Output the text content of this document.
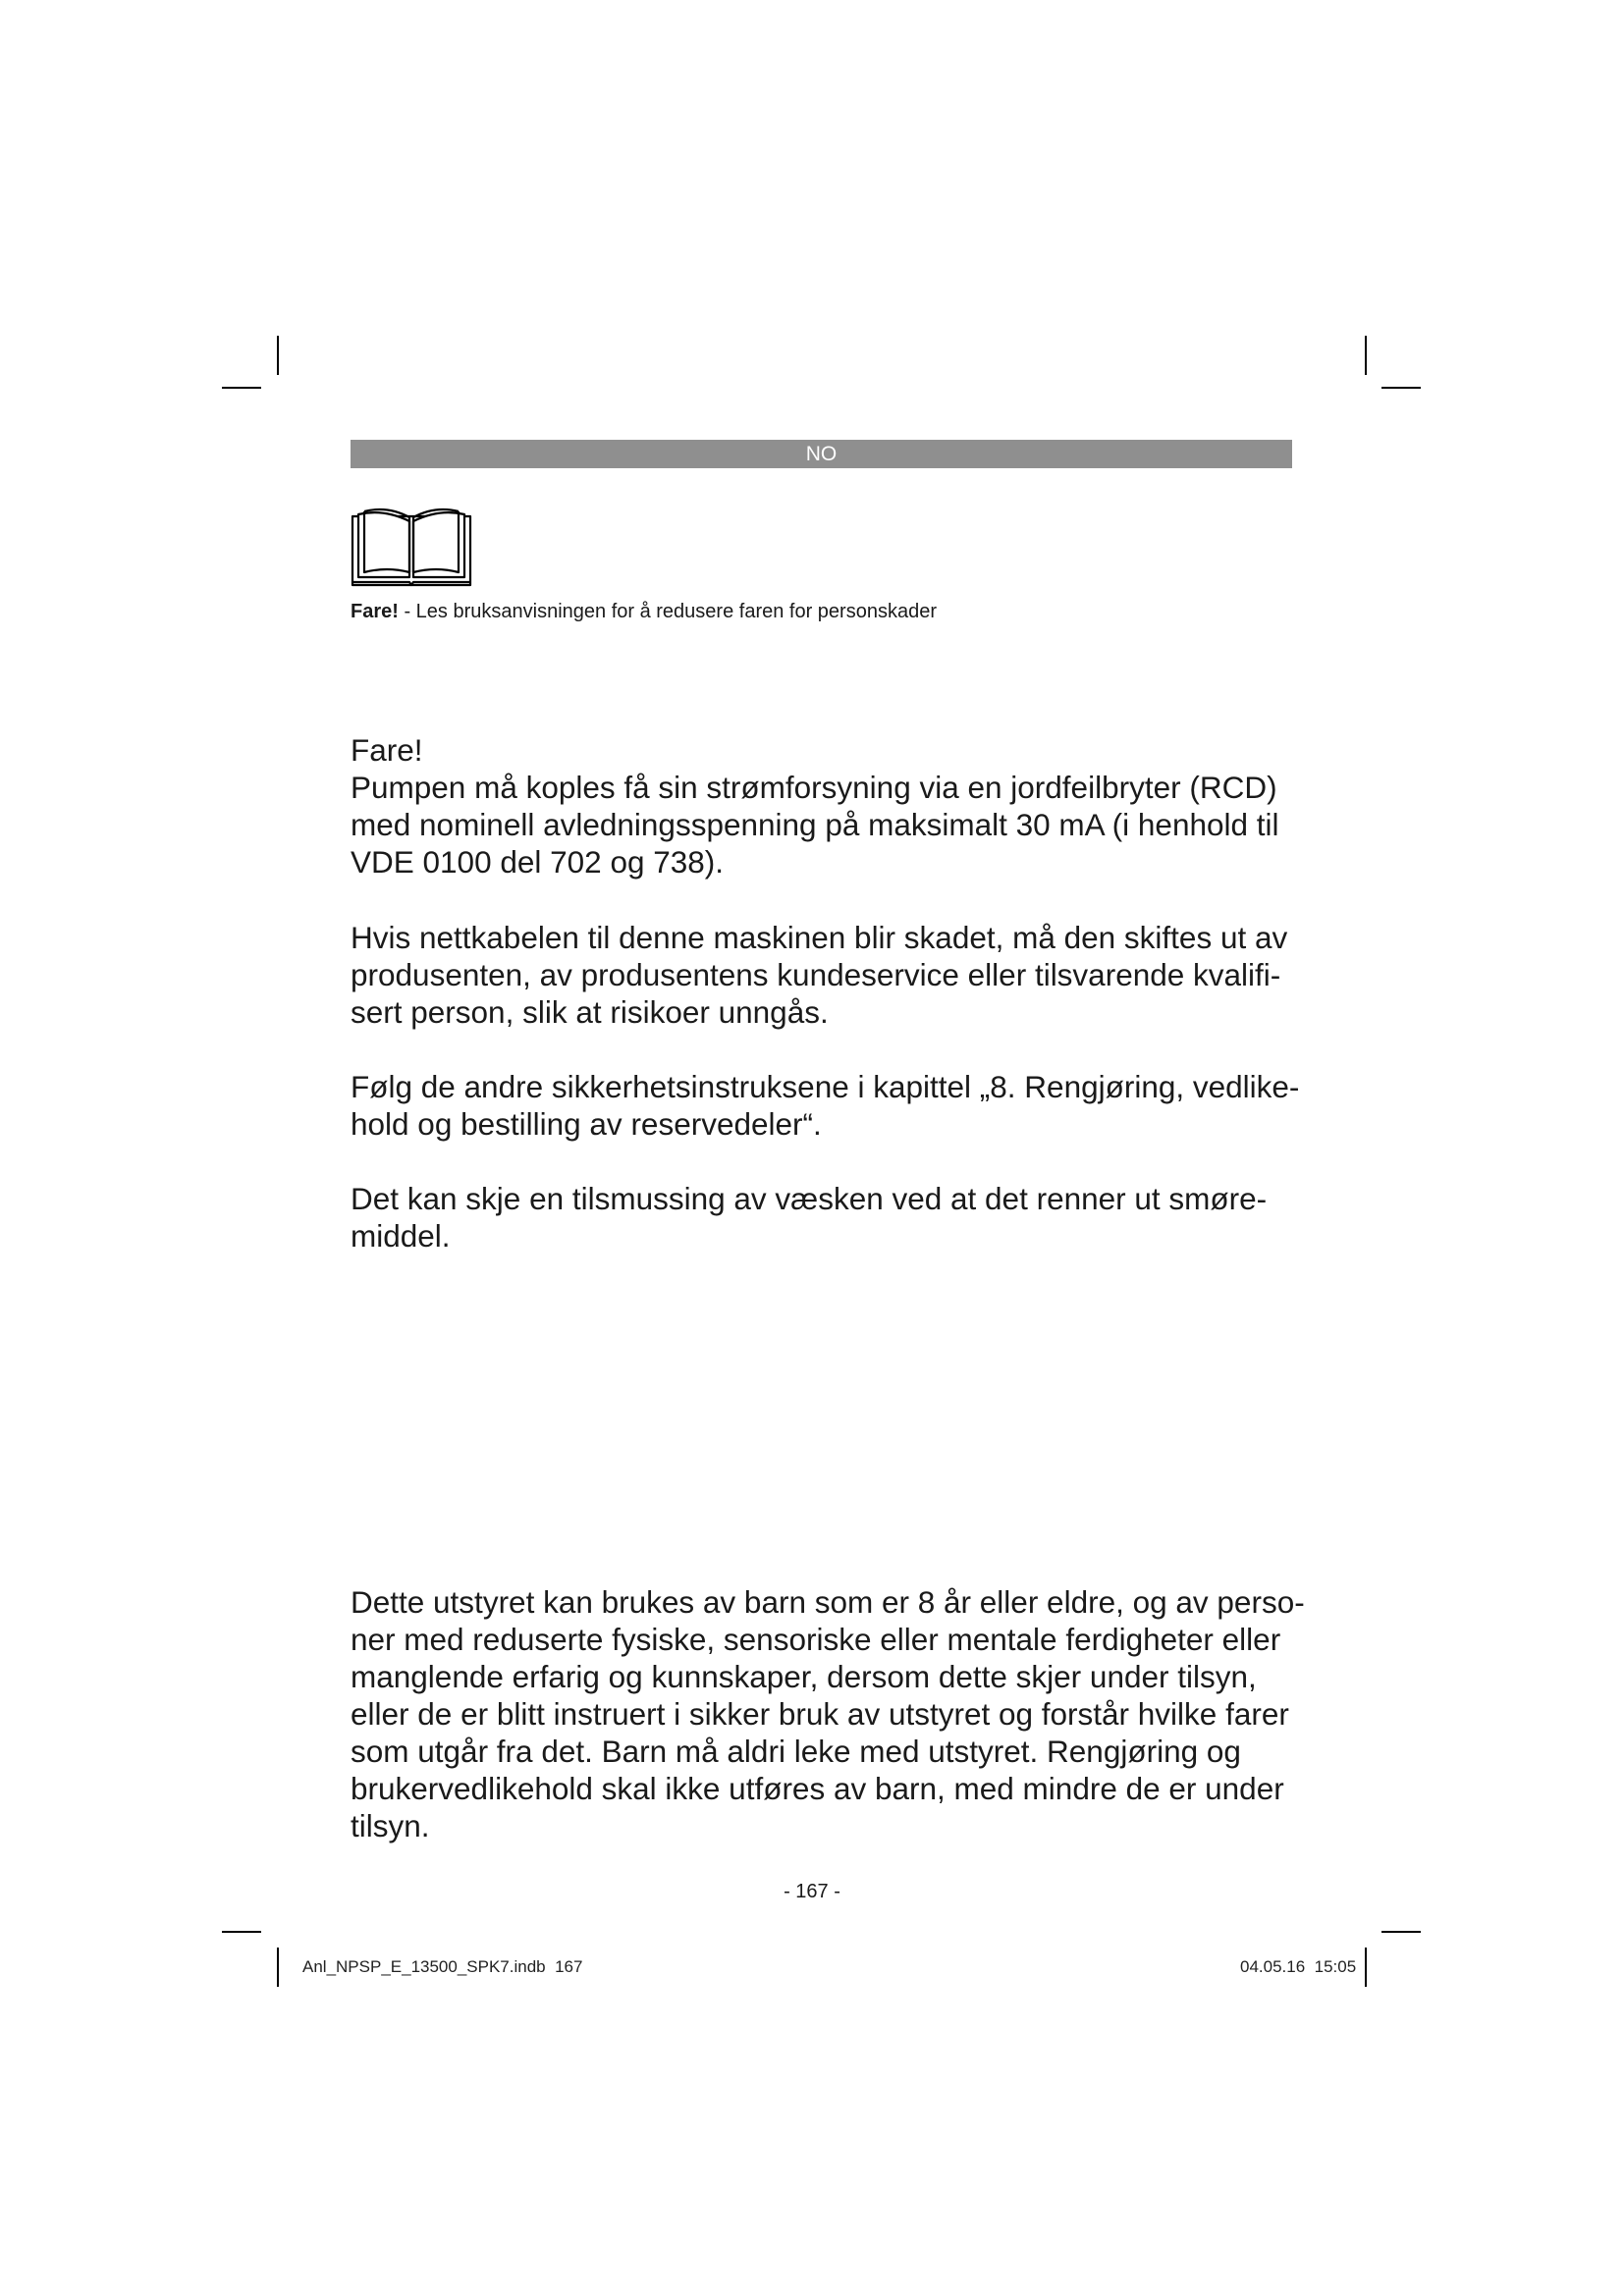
NO
Fare! - Les bruksanvisningen for å redusere faren for personskader
Fare!
Pumpen må koples få sin strømforsyning via en jordfeilbryter (RCD)
med nominell avledningsspenning på maksimalt 30 mA (i henhold til
VDE 0100 del 702 og 738).
Hvis nettkabelen til denne maskinen blir skadet, må den skiftes ut av
produsenten, av produsentens kundeservice eller tilsvarende kvalifi-
sert person, slik at risikoer unngås.
Følg de andre sikkerhetsinstruksene i kapittel „8. Rengjøring, vedlike-
hold og bestilling av reservedeler“.
Det kan skje en tilsmussing av væsken ved at det renner ut smøre-
middel.
Dette utstyret kan brukes av barn som er 8 år eller eldre, og av perso-
ner med reduserte fysiske, sensoriske eller mentale ferdigheter eller
manglende erfarig og kunnskaper, dersom dette skjer under tilsyn,
eller de er blitt instruert i sikker bruk av utstyret og forstår hvilke farer
som utgår fra det. Barn må aldri leke med utstyret. Rengjøring og
brukervedlikehold skal ikke utføres av barn, med mindre de er under
tilsyn.
- 167 -
Anl_NPSP_E_13500_SPK7.indb 167	04.05.16 15:05
